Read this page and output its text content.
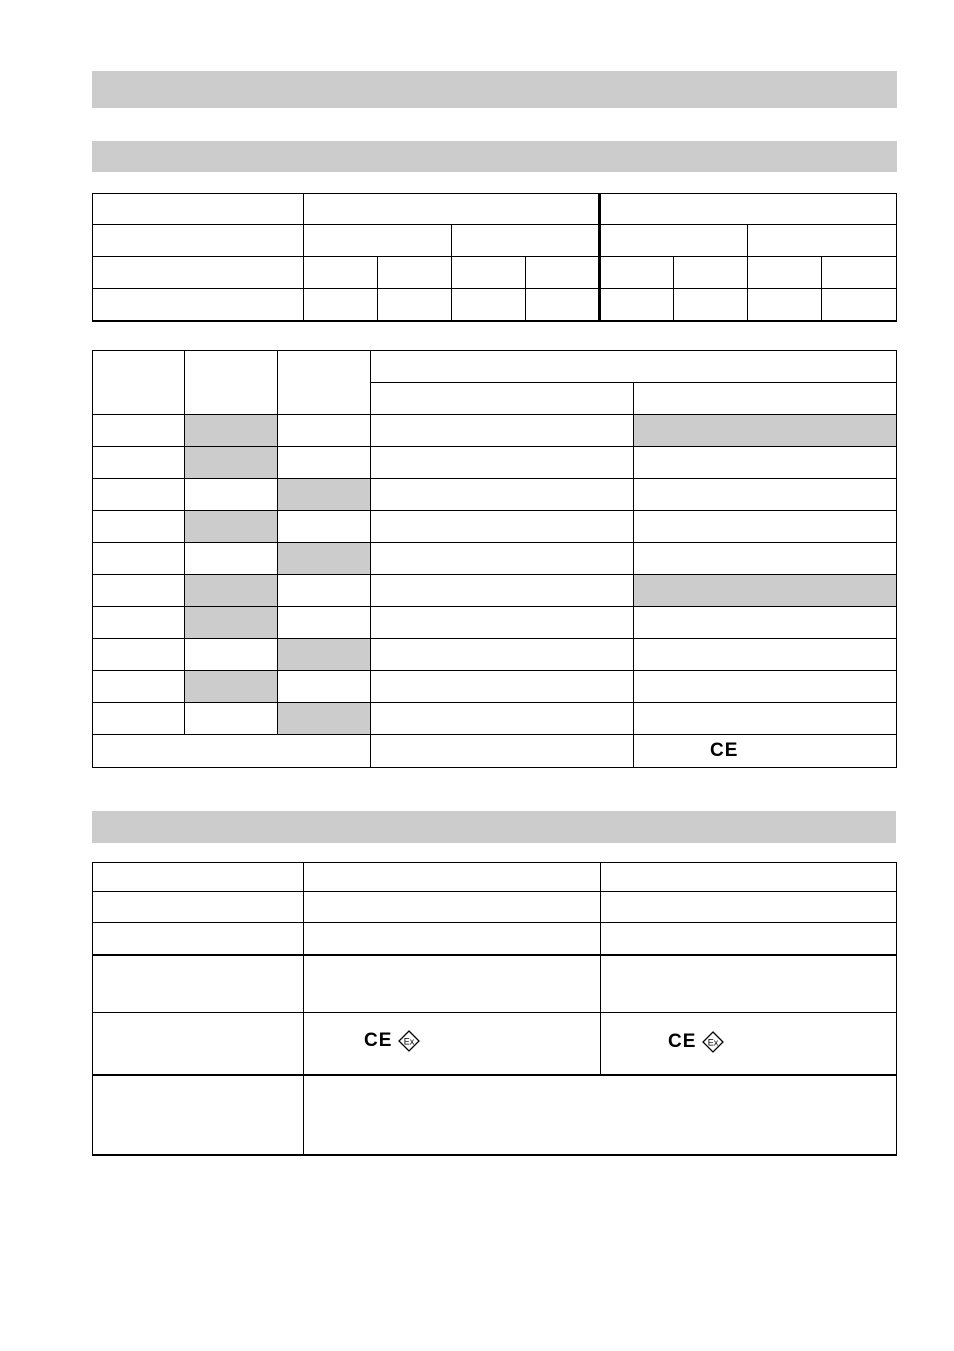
				CE

	CE Ex	CE Ex
